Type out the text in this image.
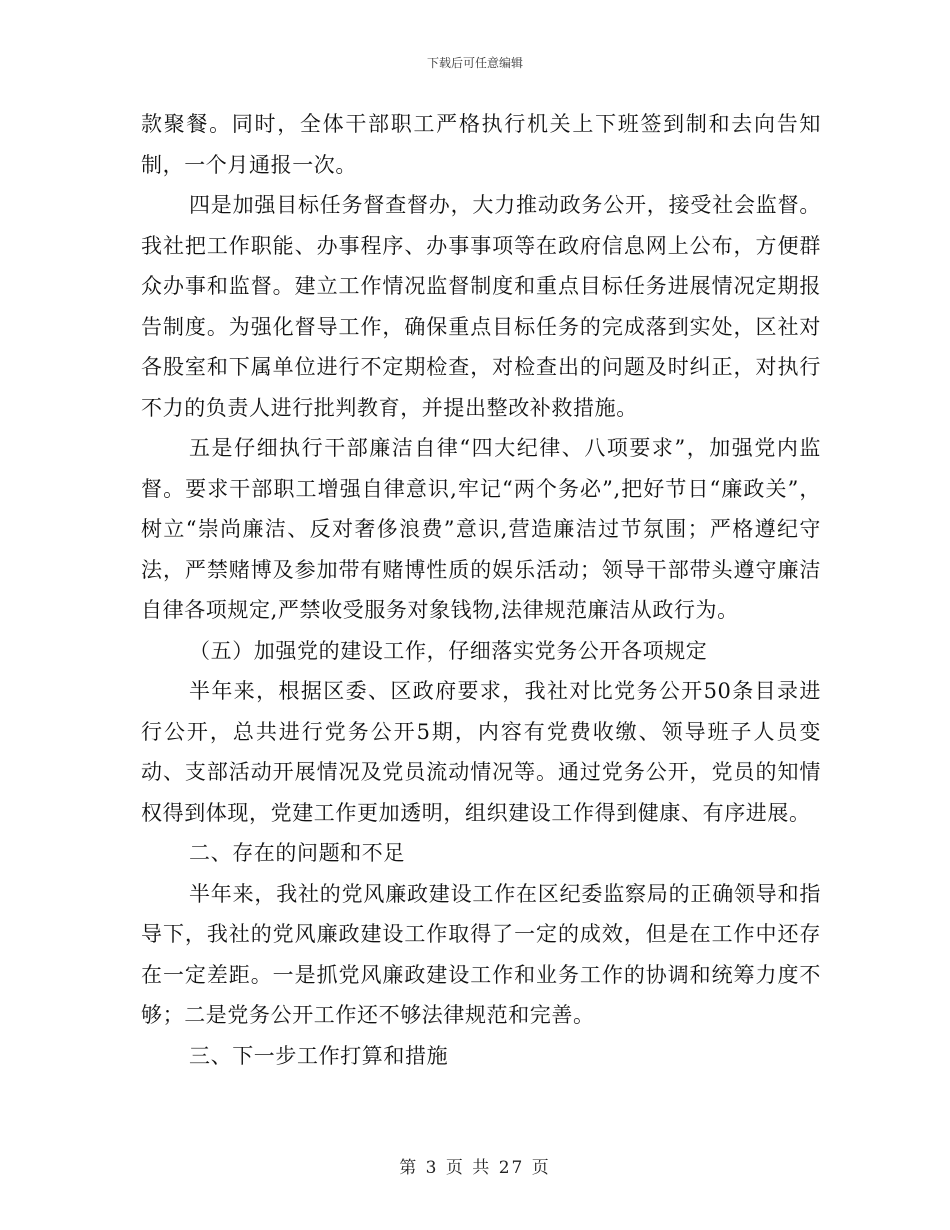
下载后可任意编辑

款聚餐。同时，全体干部职工严格执行机关上下班签到制和去向告知制，一个月通报一次。

四是加强目标任务督查督办，大力推动政务公开，接受社会监督。我社把工作职能、办事程序、办事事项等在政府信息网上公布，方便群众办事和监督。建立工作情况监督制度和重点目标任务进展情况定期报告制度。为强化督导工作，确保重点目标任务的完成落到实处，区社对各股室和下属单位进行不定期检查，对检查出的问题及时纠正，对执行不力的负责人进行批判教育，并提出整改补救措施。

五是仔细执行干部廉洁自律“四大纪律、八项要求”，加强党内监督。要求干部职工增强自律意识,牢记“两个务必”,把好节日“廉政关”，树立“崇尚廉洁、反对奢侈浪费”意识,营造廉洁过节氛围；严格遵纪守法，严禁赌博及参加带有赌博性质的娱乐活动；领导干部带头遵守廉洁自律各项规定,严禁收受服务对象钱物,法律规范廉洁从政行为。

（五）加强党的建设工作，仔细落实党务公开各项规定

半年来，根据区委、区政府要求，我社对比党务公开50条目录进行公开，总共进行党务公开5期，内容有党费收缴、领导班子人员变动、支部活动开展情况及党员流动情况等。通过党务公开，党员的知情权得到体现，党建工作更加透明，组织建设工作得到健康、有序进展。

二、存在的问题和不足

半年来，我社的党风廉政建设工作在区纪委监察局的正确领导和指导下，我社的党风廉政建设工作取得了一定的成效，但是在工作中还存在一定差距。一是抓党风廉政建设工作和业务工作的协调和统筹力度不够；二是党务公开工作还不够法律规范和完善。

三、下一步工作打算和措施

第 3 页 共 27 页
